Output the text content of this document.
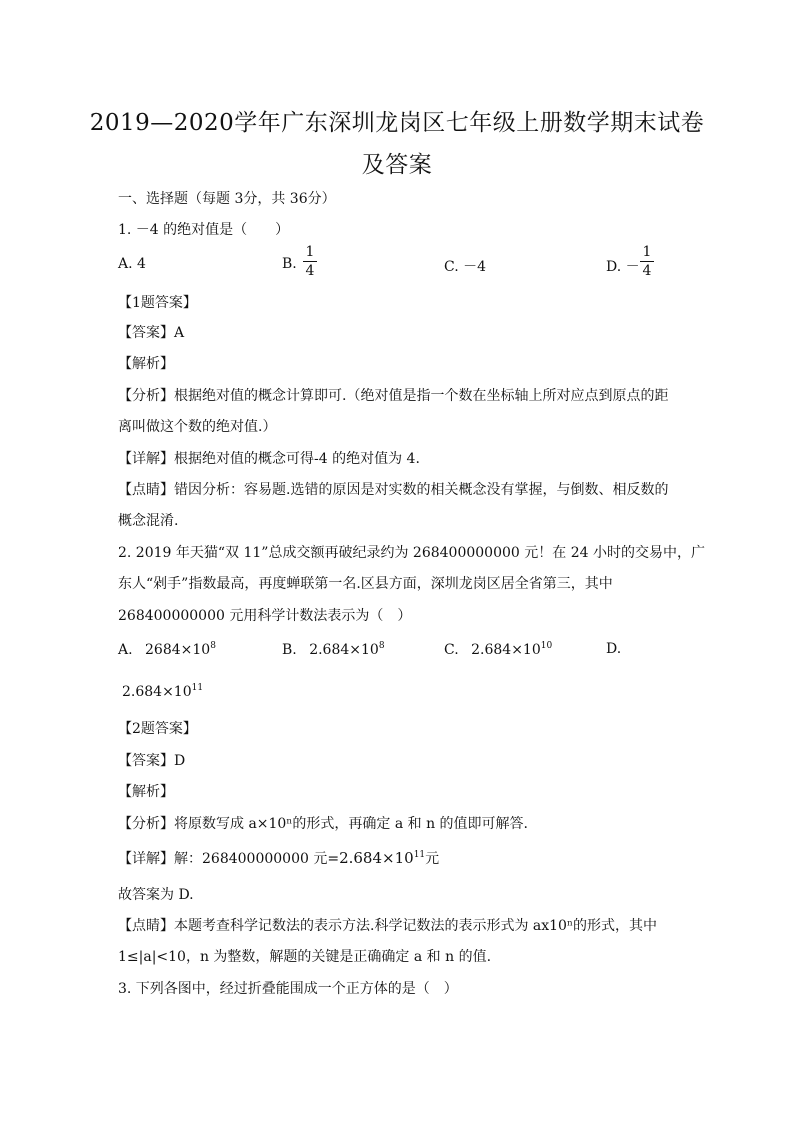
2019—2020学年广东深圳龙岗区七年级上册数学期末试卷
及答案
一、选择题（每题 3分，共 36分）
1. －4 的绝对值是（　　）
A. 4	B.
1
4	C. －4	D. －
1
4
【1题答案】
【答案】A
【解析】
【分析】根据绝对值的概念计算即可.（绝对值是指一个数在坐标轴上所对应点到原点的距
离叫做这个数的绝对值.）
【详解】根据绝对值的概念可得-4 的绝对值为 4.
【点睛】错因分析：容易题.选错的原因是对实数的相关概念没有掌握，与倒数、相反数的
概念混淆.
2. 2019 年天猫“双 11”总成交额再破纪录约为 268400000000 元！在 24 小时的交易中，广
东人“剁手”指数最高，再度蝉联第一名.区县方面，深圳龙岗区居全省第三，其中
268400000000 元用科学计数法表示为（　）
A. $2684\times 10^8$	B. $2.684\times 10^8$	C. $2.684\times 10^{10}$	D.
$2.684\times 10^{11}$
【2题答案】
【答案】D
【解析】
【分析】将原数写成 a×10ⁿ的形式，再确定 a 和 n 的值即可解答.
【详解】解：268400000000 元$=2.684\times 10^{11}$元
故答案为 D.
【点睛】本题考查科学记数法的表示方法.科学记数法的表示形式为 ax10ⁿ的形式，其中
1≤|a|<10，n 为整数，解题的关键是正确确定 a 和 n 的值.
3. 下列各图中，经过折叠能围成一个正方体的是（　）
